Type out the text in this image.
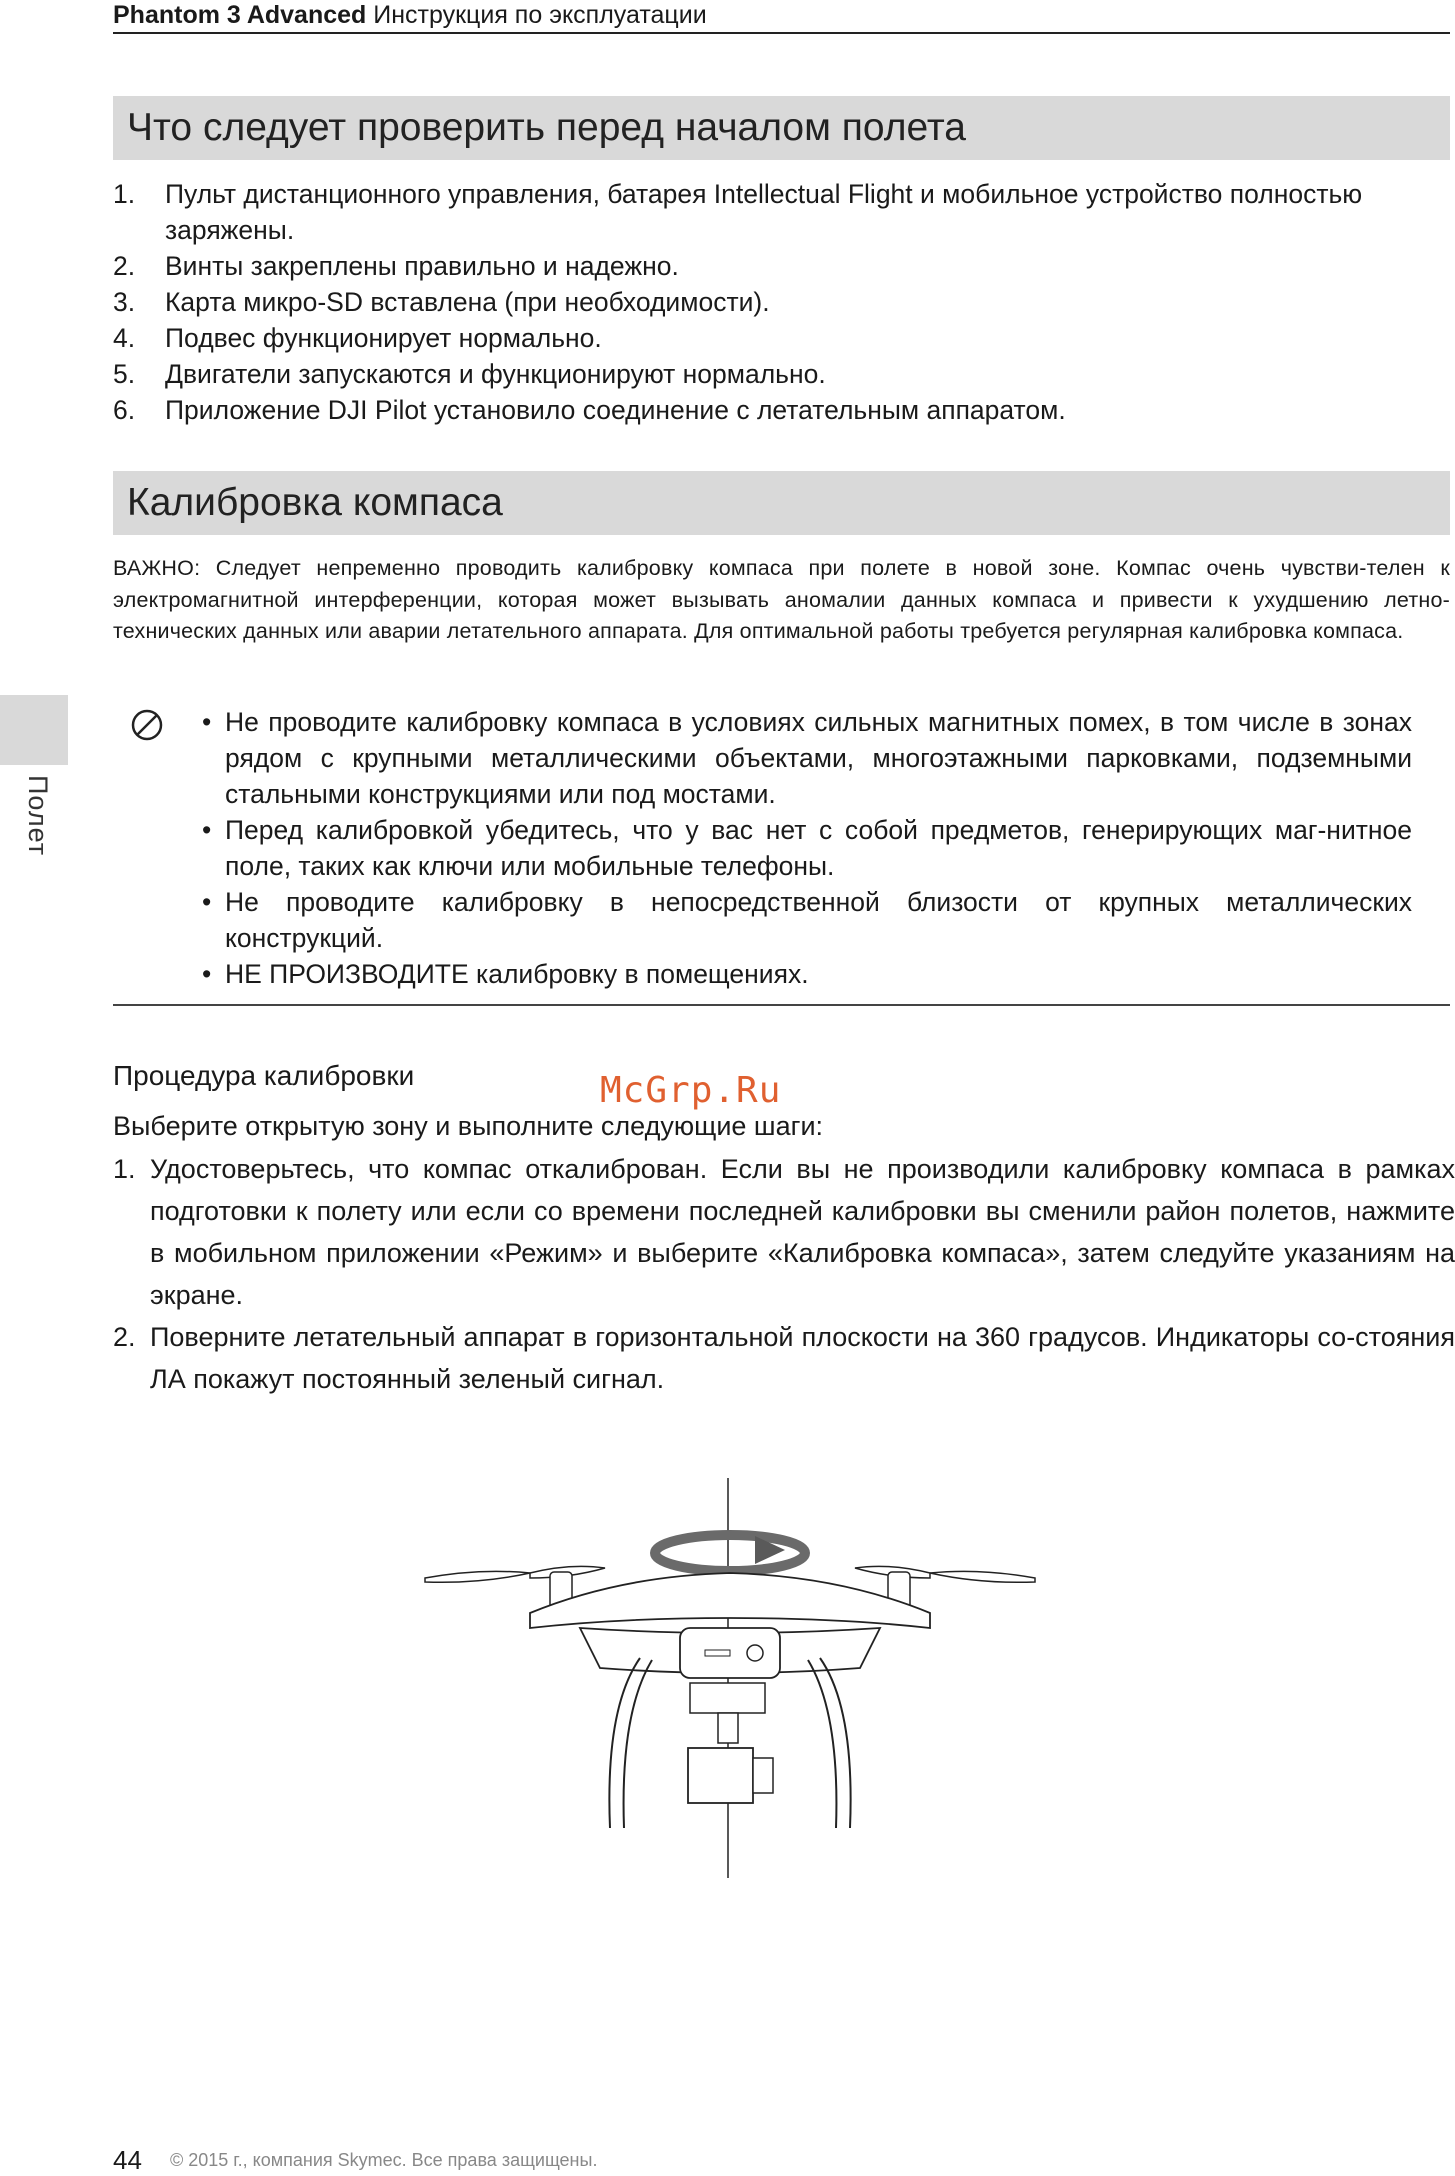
Phantom 3 Advanced Инструкция по эксплуатации
Что следует проверить перед началом полета
1. Пульт дистанционного управления, батарея Intellectual Flight и мобильное устройство полностью заряжены.
2. Винты закреплены правильно и надежно.
3. Карта микро-SD вставлена (при необходимости).
4. Подвес функционирует нормально.
5. Двигатели запускаются и функционируют нормально.
6. Приложение DJI Pilot установило соединение с летательным аппаратом.
Калибровка компаса
ВАЖНО: Следует непременно проводить калибровку компаса при полете в новой зоне. Компас очень чувстви-телен к электромагнитной интерференции, которая может вызывать аномалии данных компаса и привести к ухудшению летно-технических данных или аварии летательного аппарата. Для оптимальной работы требуется регулярная калибровка компаса.
Полет
• Не проводите калибровку компаса в условиях сильных магнитных помех, в том числе в зонах рядом с крупными металлическими объектами, многоэтажными парковками, подземными стальными конструкциями или под мостами.
• Перед калибровкой убедитесь, что у вас нет с собой предметов, генерирующих маг-нитное поле, таких как ключи или мобильные телефоны.
• Не проводите калибровку в непосредственной близости от крупных металлических конструкций.
• НЕ ПРОИЗВОДИТЕ калибровку в помещениях.
Процедура калибровки	McGrp.Ru
Выберите открытую зону и выполните следующие шаги:
1. Удостоверьтесь, что компас откалиброван. Если вы не производили калибровку компаса в рамках подготовки к полету или если со времени последней калибровки вы сменили район полетов, нажмите в мобильном приложении «Режим» и выберите «Калибровка компаса», затем следуйте указаниям на экране.
2. Поверните летательный аппарат в горизонтальной плоскости на 360 градусов. Индикаторы со-стояния ЛА покажут постоянный зеленый сигнал.
44 © 2015 г., компания Skymec. Все права защищены.
